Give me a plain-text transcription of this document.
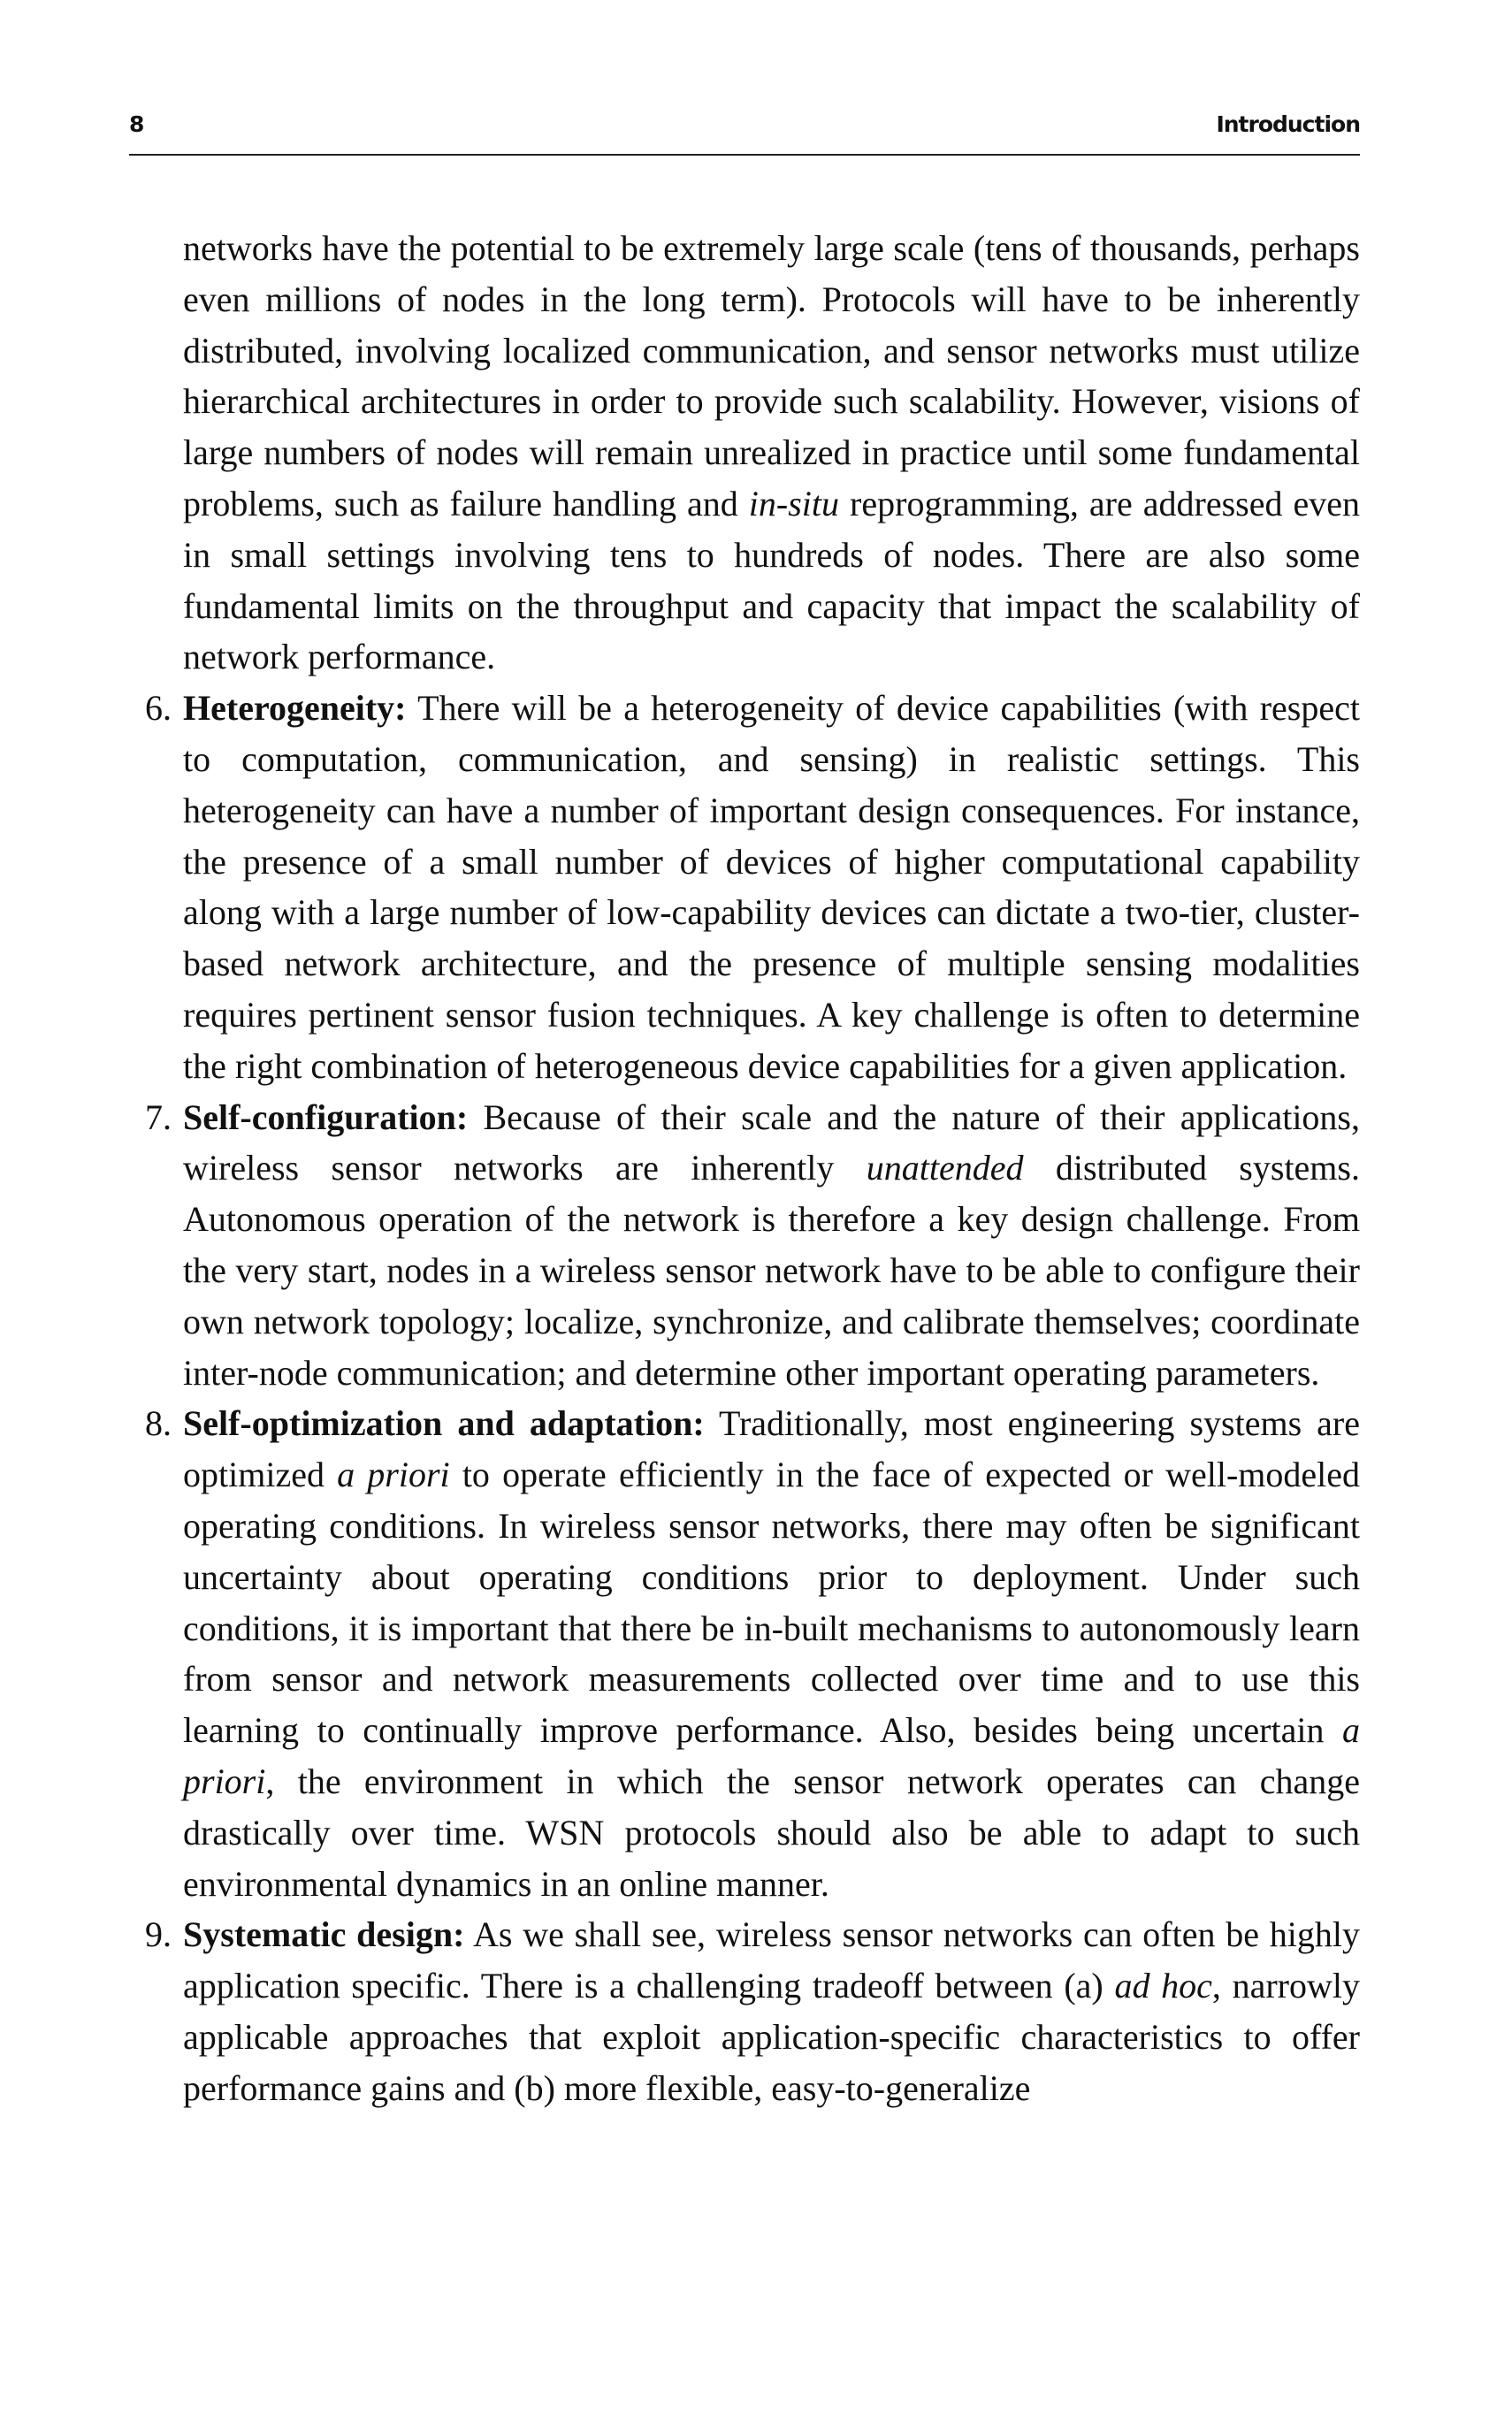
8	Introduction

networks have the potential to be extremely large scale (tens of thousands, perhaps even millions of nodes in the long term). Protocols will have to be inherently distributed, involving localized communication, and sensor networks must utilize hierarchical architectures in order to provide such scalability. However, visions of large numbers of nodes will remain unrealized in practice until some fundamental problems, such as failure handling and in-situ reprogramming, are addressed even in small settings involving tens to hundreds of nodes. There are also some fundamental limits on the throughput and capacity that impact the scalability of network performance.

6. Heterogeneity: There will be a heterogeneity of device capabilities (with respect to computation, communication, and sensing) in realistic settings. This heterogeneity can have a number of important design consequences. For instance, the presence of a small number of devices of higher computational capability along with a large number of low-capability devices can dictate a two-tier, cluster-based network architecture, and the presence of multiple sensing modalities requires pertinent sensor fusion techniques. A key challenge is often to determine the right combination of heterogeneous device capabilities for a given application.

7. Self-configuration: Because of their scale and the nature of their applications, wireless sensor networks are inherently unattended distributed systems. Autonomous operation of the network is therefore a key design challenge. From the very start, nodes in a wireless sensor network have to be able to configure their own network topology; localize, synchronize, and calibrate themselves; coordinate inter-node communication; and determine other important operating parameters.

8. Self-optimization and adaptation: Traditionally, most engineering systems are optimized a priori to operate efficiently in the face of expected or well-modeled operating conditions. In wireless sensor networks, there may often be significant uncertainty about operating conditions prior to deployment. Under such conditions, it is important that there be in-built mechanisms to autonomously learn from sensor and network measurements collected over time and to use this learning to continually improve performance. Also, besides being uncertain a priori, the environment in which the sensor network operates can change drastically over time. WSN protocols should also be able to adapt to such environmental dynamics in an online manner.

9. Systematic design: As we shall see, wireless sensor networks can often be highly application specific. There is a challenging tradeoff between (a) ad hoc, narrowly applicable approaches that exploit application-specific characteristics to offer performance gains and (b) more flexible, easy-to-generalize
